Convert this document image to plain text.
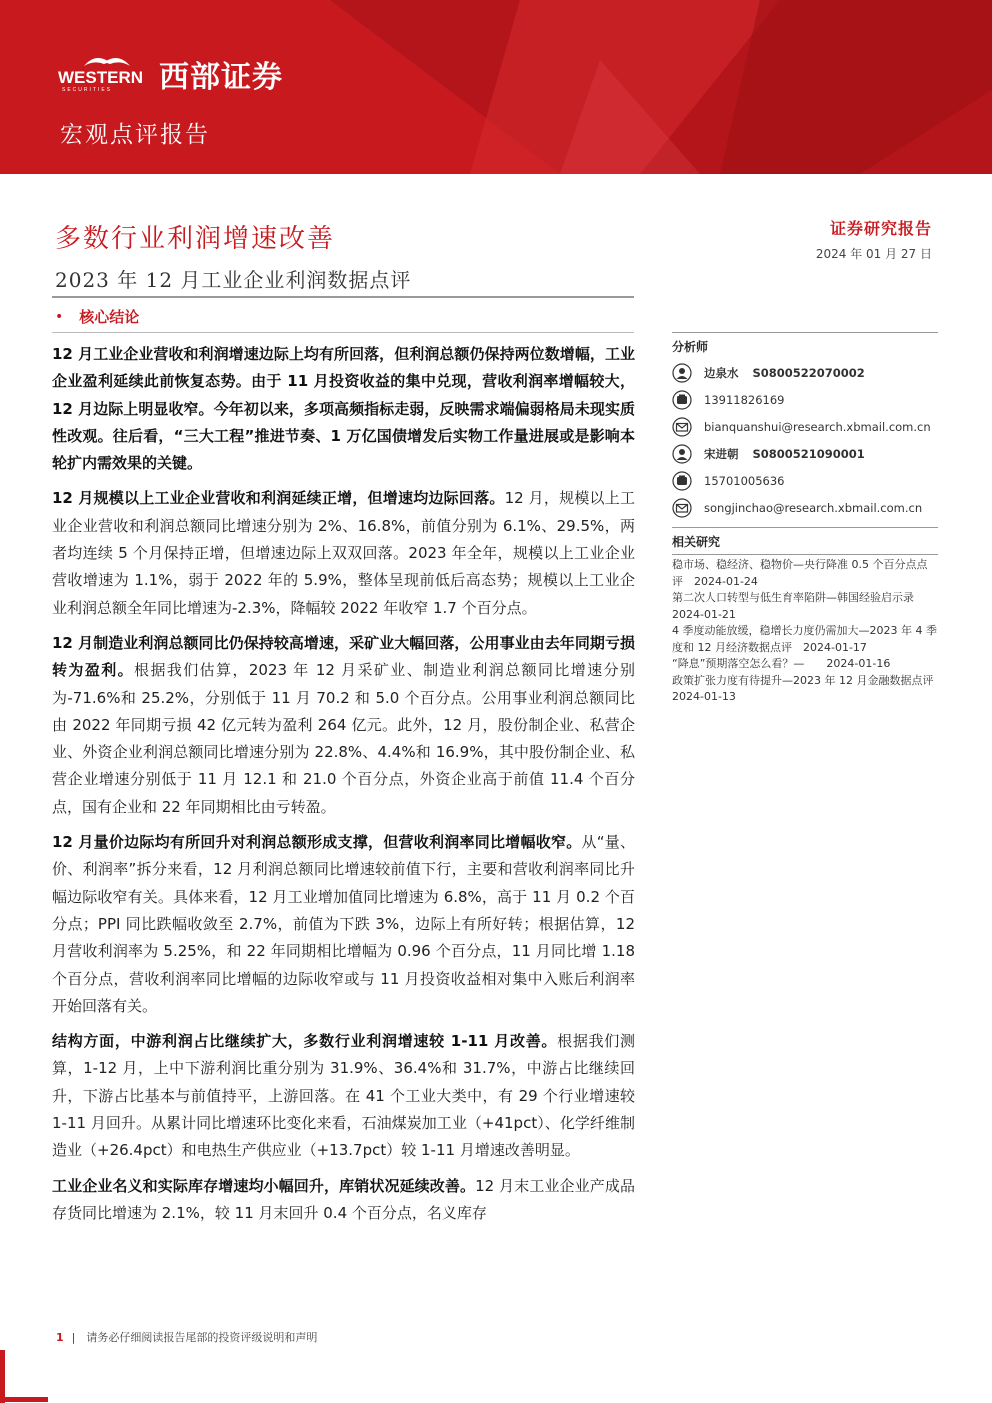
WESTERN
SECURITIES 西部证券
宏观点评报告
多数行业利润增速改善
2023 年 12 月工业企业利润数据点评
证券研究报告
2024 年 01 月 27 日
• 核心结论

12 月工业企业营收和利润增速边际上均有所回落，但利润总额仍保持两位数增幅，工业企业盈利延续此前恢复态势。由于 11 月投资收益的集中兑现，营收利润率增幅较大，12 月边际上明显收窄。今年初以来，多项高频指标走弱，反映需求端偏弱格局未现实质性改观。往后看，“三大工程”推进节奏、1 万亿国债增发后实物工作量进展或是影响本轮扩内需效果的关键。

12 月规模以上工业企业营收和利润延续正增，但增速均边际回落。12 月，规模以上工业企业营收和利润总额同比增速分别为 2%、16.8%，前值分别为 6.1%、29.5%，两者均连续 5 个月保持正增，但增速边际上双双回落。2023 年全年，规模以上工业企业营收增速为 1.1%，弱于 2022 年的 5.9%，整体呈现前低后高态势；规模以上工业企业利润总额全年同比增速为-2.3%，降幅较 2022 年收窄 1.7 个百分点。

12 月制造业利润总额同比仍保持较高增速，采矿业大幅回落，公用事业由去年同期亏损转为盈利。根据我们估算，2023 年 12 月采矿业、制造业利润总额同比增速分别为-71.6%和 25.2%，分别低于 11 月 70.2 和 5.0 个百分点。公用事业利润总额同比由 2022 年同期亏损 42 亿元转为盈利 264 亿元。此外，12 月，股份制企业、私营企业、外资企业利润总额同比增速分别为 22.8%、4.4%和 16.9%，其中股份制企业、私营企业增速分别低于 11 月 12.1 和 21.0 个百分点，外资企业高于前值 11.4 个百分点，国有企业和 22 年同期相比由亏转盈。

12 月量价边际均有所回升对利润总额形成支撑，但营收利润率同比增幅收窄。从“量、价、利润率”拆分来看，12 月利润总额同比增速较前值下行，主要和营收利润率同比升幅边际收窄有关。具体来看，12 月工业增加值同比增速为 6.8%，高于 11 月 0.2 个百分点；PPI 同比跌幅收敛至 2.7%，前值为下跌 3%，边际上有所好转；根据估算，12 月营收利润率为 5.25%，和 22 年同期相比增幅为 0.96 个百分点，11 月同比增 1.18 个百分点，营收利润率同比增幅的边际收窄或与 11 月投资收益相对集中入账后利润率开始回落有关。

结构方面，中游利润占比继续扩大，多数行业利润增速较 1-11 月改善。根据我们测算，1-12 月，上中下游利润比重分别为 31.9%、36.4%和 31.7%，中游占比继续回升，下游占比基本与前值持平，上游回落。在 41 个工业大类中，有 29 个行业增速较 1-11 月回升。从累计同比增速环比变化来看，石油煤炭加工业（+41pct）、化学纤维制造业（+26.4pct）和电热生产供应业（+13.7pct）较 1-11 月增速改善明显。

工业企业名义和实际库存增速均小幅回升，库销状况延续改善。12 月末工业企业产成品存货同比增速为 2.1%，较 11 月末回升 0.4 个百分点，名义库存

分析师
边泉水 S0800522070002
13911826169
bianquanshui@research.xbmail.com.cn
宋进朝 S0800521090001
15701005636
songjinchao@research.xbmail.com.cn
相关研究
稳市场、稳经济、稳物价—央行降准 0.5 个百分点点评　2024-01-24
第二次人口转型与低生育率陷阱—韩国经验启示录　2024-01-21
4 季度动能放缓，稳增长力度仍需加大—2023 年 4 季度和 12 月经济数据点评　2024-01-17
“降息”预期落空怎么看？—　　2024-01-16
政策扩张力度有待提升—2023 年 12 月金融数据点评　2024-01-13
1 |　请务必仔细阅读报告尾部的投资评级说明和声明
